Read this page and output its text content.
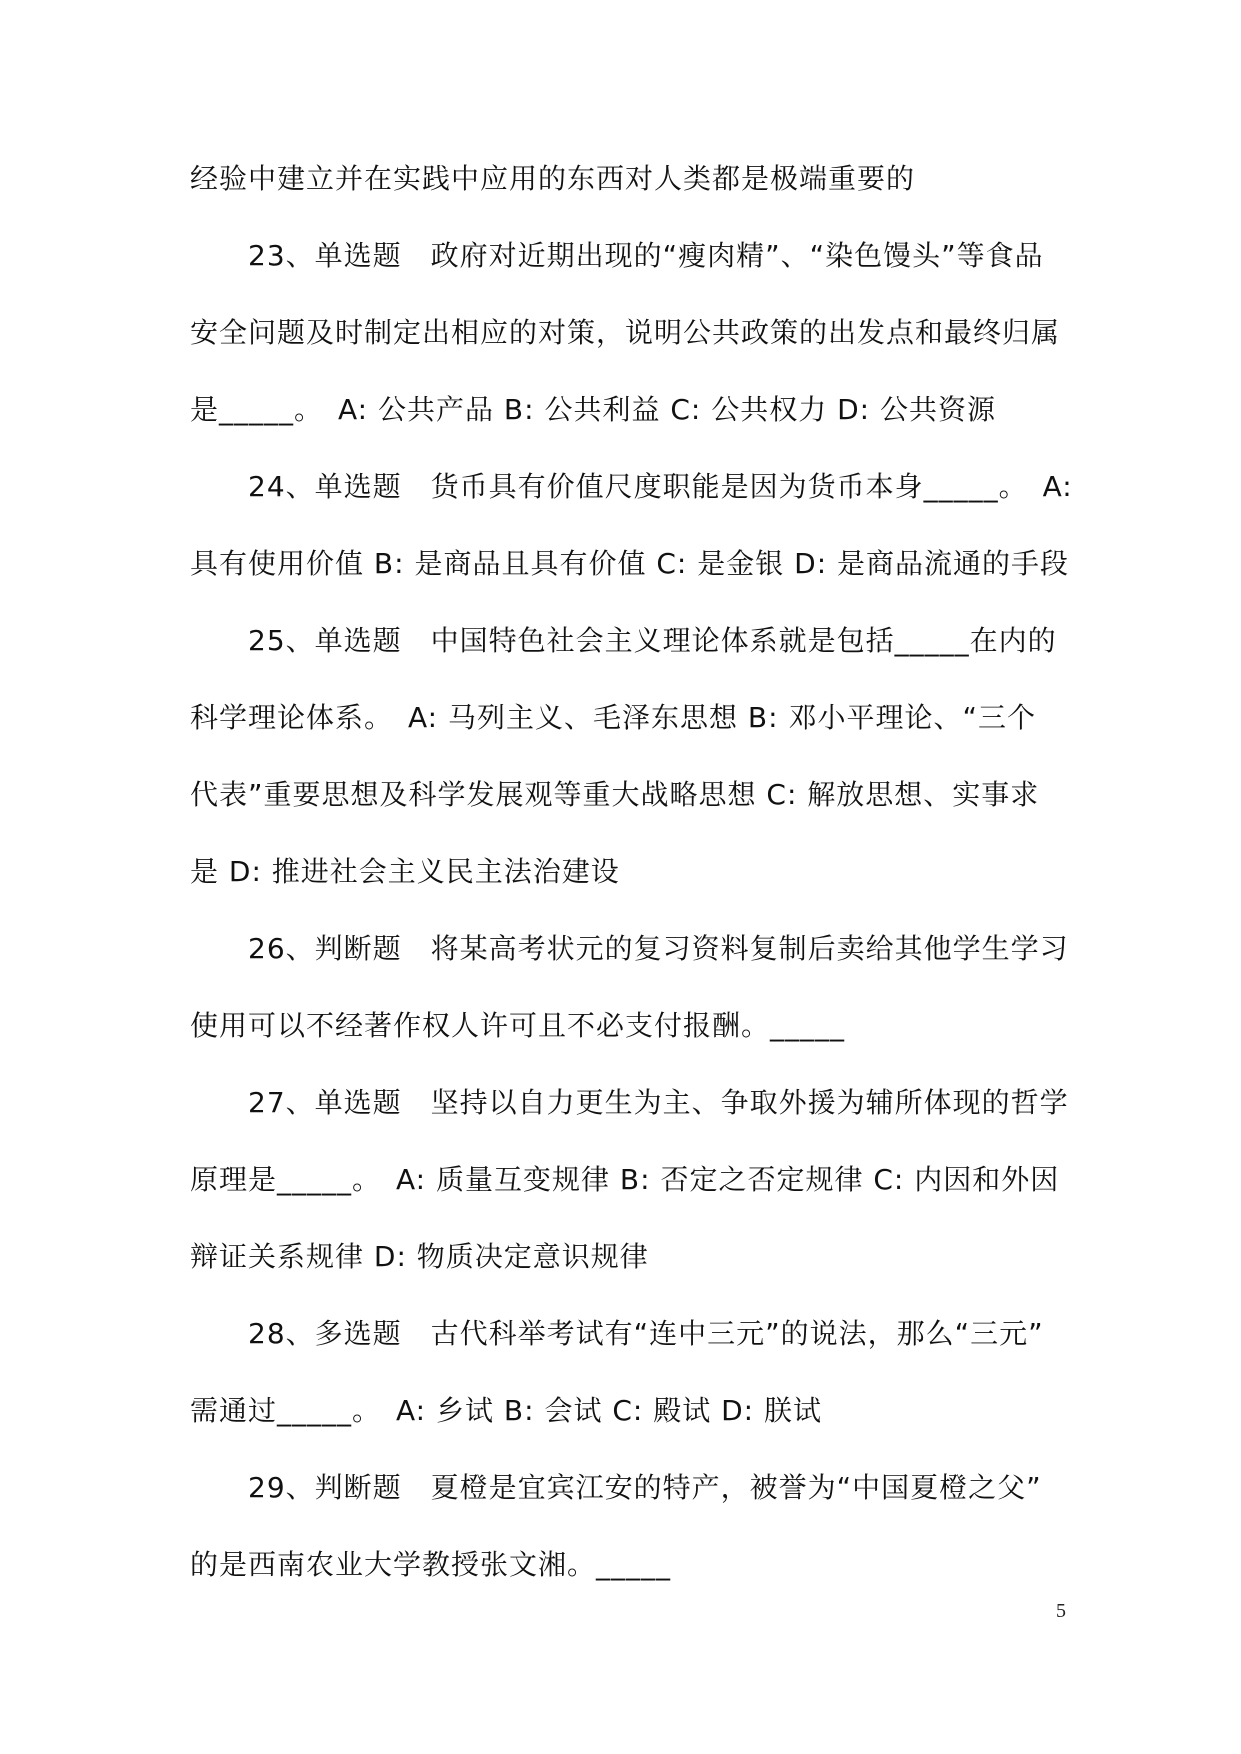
经验中建立并在实践中应用的东西对人类都是极端重要的
23、单选题　政府对近期出现的“瘦肉精”、“染色馒头”等食品
安全问题及时制定出相应的对策，说明公共政策的出发点和最终归属
是_____。　A: 公共产品 B: 公共利益 C: 公共权力 D: 公共资源
24、单选题　货币具有价值尺度职能是因为货币本身_____。　A:
具有使用价值 B: 是商品且具有价值 C: 是金银 D: 是商品流通的手段
25、单选题　中国特色社会主义理论体系就是包括_____在内的
科学理论体系。　A: 马列主义、毛泽东思想 B: 邓小平理论、“三个
代表”重要思想及科学发展观等重大战略思想 C: 解放思想、实事求
是 D: 推进社会主义民主法治建设
26、判断题　将某高考状元的复习资料复制后卖给其他学生学习
使用可以不经著作权人许可且不必支付报酬。_____
27、单选题　坚持以自力更生为主、争取外援为辅所体现的哲学
原理是_____。　A: 质量互变规律 B: 否定之否定规律 C: 内因和外因
辩证关系规律 D: 物质决定意识规律
28、多选题　古代科举考试有“连中三元”的说法，那么“三元”
需通过_____。　A: 乡试 B: 会试 C: 殿试 D: 朕试
29、判断题　夏橙是宜宾江安的特产，被誉为“中国夏橙之父”
的是西南农业大学教授张文湘。_____
5
